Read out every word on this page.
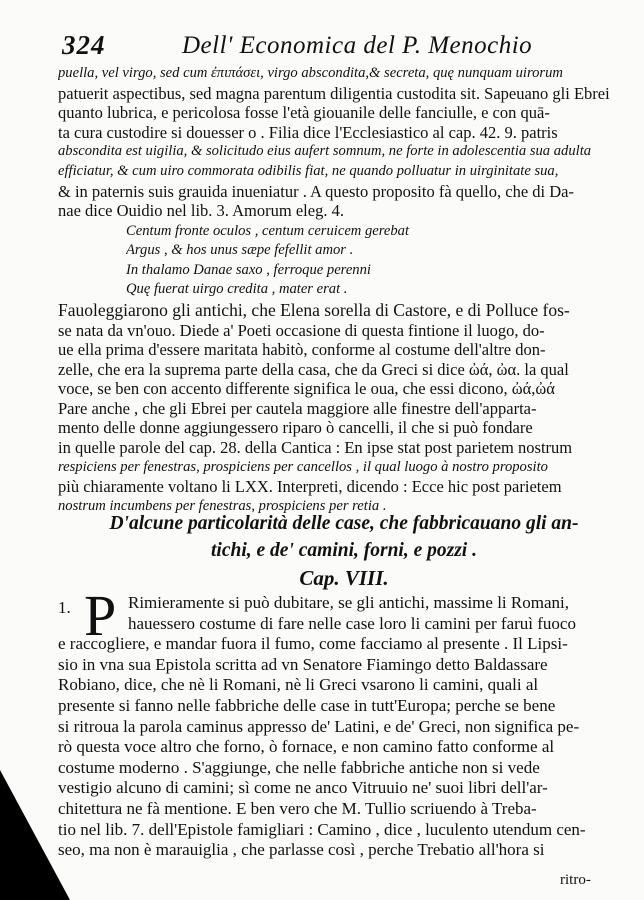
324	Dell' Economica del P. Menochio
puella, vel virgo, sed cum ἐπιπάσει, virgo abscondita,& secreta, quę nunquam uirorum
patuerit aspectibus, sed magna parentum diligentia custodita sit. Sapeuano gli Ebrei
quanto lubrica, e pericolosa fosse l'età giouanile delle fanciulle, e con quā-
ta cura custodire si douesser o . Filia dice l'Ecclesiastico al cap. 42. 9. patris
abscondita est uigilia, & solicitudo eius aufert somnum, ne forte in adolescentia sua adulta
efficiatur, & cum uiro commorata odibilis fiat, ne quando polluatur in uirginitate sua,
& in paternis suis grauida inueniatur . A questo proposito fà quello, che di Da-
nae dice Ouidio nel lib. 3. Amorum eleg. 4.
Centum fronte oculos , centum ceruicem gerebat
Argus , & hos unus sæpe fefellit amor .
In thalamo Danae saxo , ferroque perenni
Quę fuerat uirgo credita , mater erat .
Fauoleggiarono gli antichi, che Elena sorella di Castore, e di Polluce fos-
se nata da vn'ouo. Diede a' Poeti occasione di questa fintione il luogo, do-
ue ella prima d'essere maritata habitò, conforme al costume dell'altre don-
zelle, che era la suprema parte della casa, che da Greci si dice ὠά, ὠα. la qual
voce, se ben con accento differente significa le oua, che essi dicono, ὠά,ὠά
Pare anche , che gli Ebrei per cautela maggiore alle finestre dell'apparta-
mento delle donne aggiungessero riparo ò cancelli, il che si può fondare
in quelle parole del cap. 28. della Cantica : En ipse stat post parietem nostrum
respiciens per fenestras, prospiciens per cancellos , il qual luogo à nostro proposito
più chiaramente voltano li LXX. Interpreti, dicendo : Ecce hic post parietem
nostrum incumbens per fenestras, prospiciens per retia .
D'alcune particolarità delle case, che fabbricauano gli an-
tichi, e de' camini, forni, e pozzi .
Cap. VIII.
1. P Rimieramente si può dubitare, se gli antichi, massime li Romani,
hauessero costume di fare nelle case loro li camini per faruì fuoco
e raccogliere, e mandar fuora il fumo, come facciamo al presente . Il Lipsi-
sio in vna sua Epistola scritta ad vn Senatore Fiamingo detto Baldassare
Robiano, dice, che nè li Romani, nè li Greci vsarono li camini, quali al
presente si fanno nelle fabbriche delle case in tutt'Europa; perche se bene
si ritroua la parola caminus appresso de' Latini, e de' Greci, non significa pe-
rò questa voce altro che forno, ò fornace, e non camino fatto conforme al
costume moderno . S'aggiunge, che nelle fabbriche antiche non si vede
vestigio alcuno di camini; sì come ne anco Vitruuio ne' suoi libri dell'ar-
chitettura ne fà mentione. E ben vero che M. Tullio scriuendo à Treba-
tio nel lib. 7. dell'Epistole famigliari : Camino , dice , luculento utendum cen-
seo, ma non è marauiglia , che parlasse così , perche Trebatio all'hora si
ritro-
